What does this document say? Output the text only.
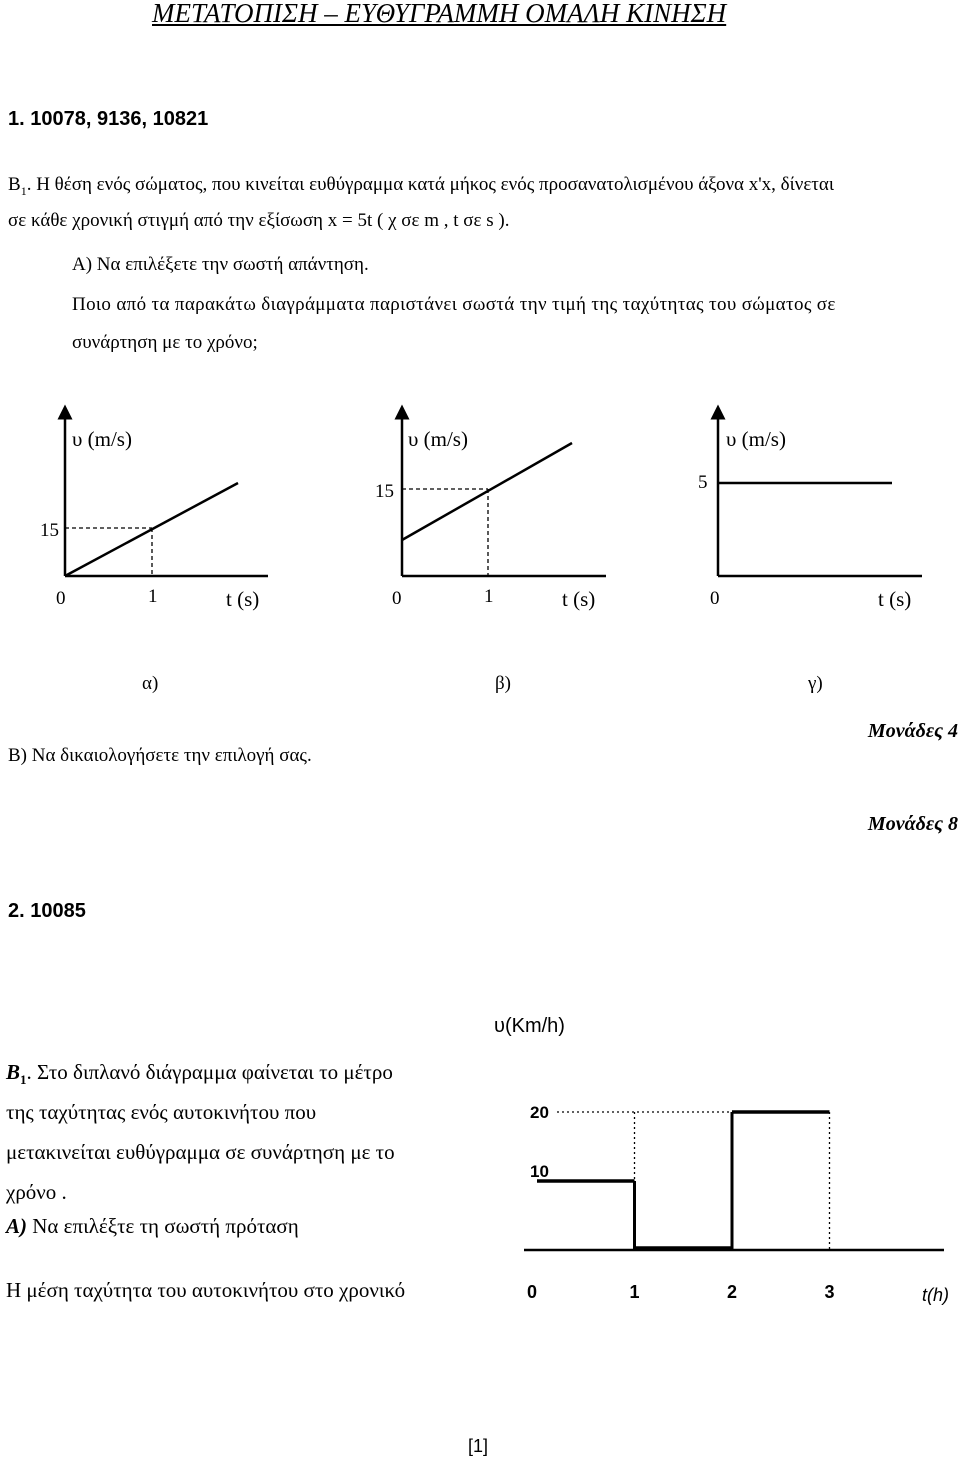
ΜΕΤΑΤΟΠΙΣΗ – ΕΥΘΥΓΡΑΜΜΗ ΟΜΑΛΗ ΚΙΝΗΣΗ
1. 10078, 9136, 10821
$B_1$. Η θέση ενός σώματος, που κινείται ευθύγραμμα κατά μήκος ενός προσανατολισμένου άξονα x'x, δίνεται
σε κάθε χρονική στιγμή από την εξίσωση x = 5t ( χ σε m , t σε s ).
Α) Να επιλέξετε την σωστή απάντηση.
Ποιο από τα παρακάτω διαγράμματα παριστάνει σωστά την τιμή της ταχύτητας του σώματος σε
συνάρτηση με το χρόνο;
υ (m/s)
15
0	1	t (s)
υ (m/s)
15
0	1	t (s)
υ (m/s)
5
0	t (s)
α)	β)	γ)
Μονάδες 4
Β) Να δικαιολογήσετε την επιλογή σας.
Μονάδες 8
2. 10085
$B_1$. Στο διπλανό διάγραμμα φαίνεται το μέτρο
της ταχύτητας ενός αυτοκινήτου που
μετακινείται ευθύγραμμα σε συνάρτηση με το
χρόνο .
Α) Να επιλέξτε τη σωστή πρόταση
Η μέση ταχύτητα του αυτοκινήτου στο χρονικό	0	1	2	3
10
20
υ(Km/h)
t(h)
[1]
